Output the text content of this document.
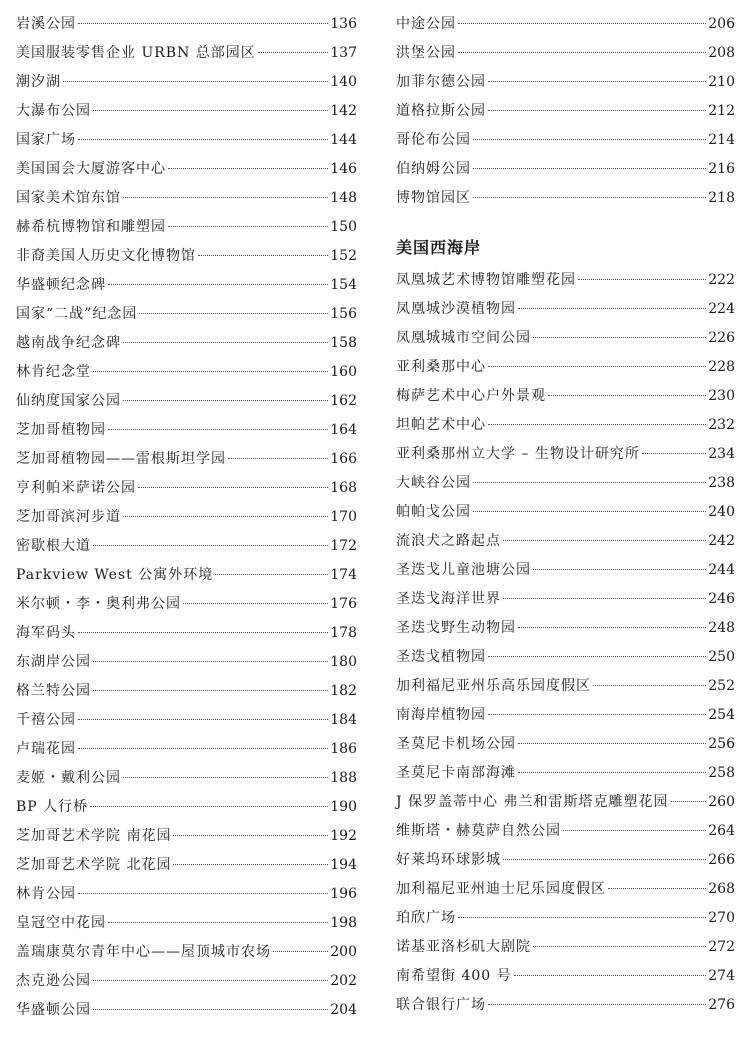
岩溪公园	136
美国服装零售企业 URBN 总部园区	137
潮汐湖	140
大瀑布公园	142
国家广场	144
美国国会大厦游客中心	146
国家美术馆东馆	148
赫希杭博物馆和雕塑园	150
非裔美国人历史文化博物馆	152
华盛顿纪念碑	154
国家“二战”纪念园	156
越南战争纪念碑	158
林肯纪念堂	160
仙纳度国家公园	162
芝加哥植物园	164
芝加哥植物园——雷根斯坦学园	166
亨利帕米萨诺公园	168
芝加哥滨河步道	170
密歇根大道	172
Parkview West 公寓外环境	174
米尔顿・李・奥利弗公园	176
海军码头	178
东湖岸公园	180
格兰特公园	182
千禧公园	184
卢瑞花园	186
麦姬・戴利公园	188
BP 人行桥	190
芝加哥艺术学院 南花园	192
芝加哥艺术学院 北花园	194
林肯公园	196
皇冠空中花园	198
盖瑞康莫尔青年中心——屋顶城市农场	200
杰克逊公园	202
华盛顿公园	204
中途公园	206
洪堡公园	208
加菲尔德公园	210
道格拉斯公园	212
哥伦布公园	214
伯纳姆公园	216
博物馆园区	218
美国西海岸
凤凰城艺术博物馆雕塑花园	222
凤凰城沙漠植物园	224
凤凰城城市空间公园	226
亚利桑那中心	228
梅萨艺术中心户外景观	230
坦帕艺术中心	232
亚利桑那州立大学 – 生物设计研究所	234
大峡谷公园	238
帕帕戈公园	240
流浪犬之路起点	242
圣迭戈儿童池塘公园	244
圣迭戈海洋世界	246
圣迭戈野生动物园	248
圣迭戈植物园	250
加利福尼亚州乐高乐园度假区	252
南海岸植物园	254
圣莫尼卡机场公园	256
圣莫尼卡南部海滩	258
J 保罗盖蒂中心 弗兰和雷斯塔克雕塑花园	260
维斯塔・赫莫萨自然公园	264
好莱坞环球影城	266
加利福尼亚州迪士尼乐园度假区	268
珀欣广场	270
诺基亚洛杉矶大剧院	272
南希望街 400 号	274
联合银行广场	276
